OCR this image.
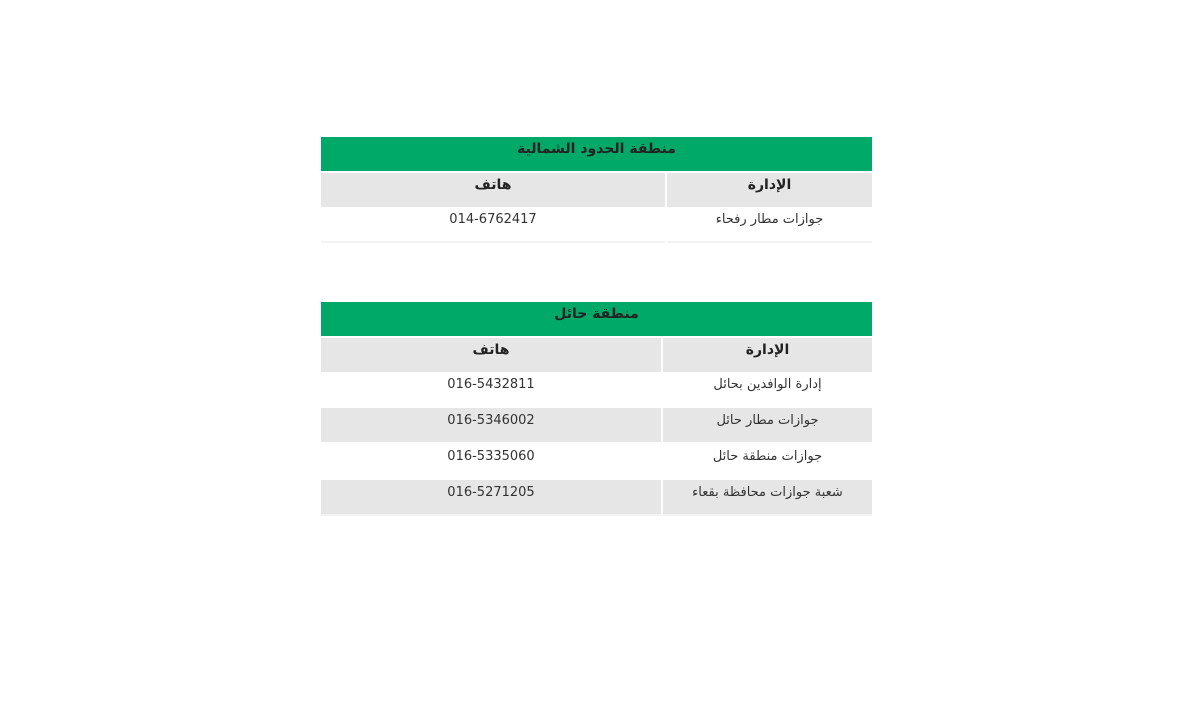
منطقة الحدود الشمالية	
الإدارة	هاتف
جوازات مطار رفحاء	014-6762417
منطقة حائل	
الإدارة	هاتف
إدارة الوافدين بحائل	016-5432811
جوازات مطار حائل	016-5346002
جوازات منطقة حائل	016-5335060
شعبة جوازات محافظة بقعاء	016-5271205
